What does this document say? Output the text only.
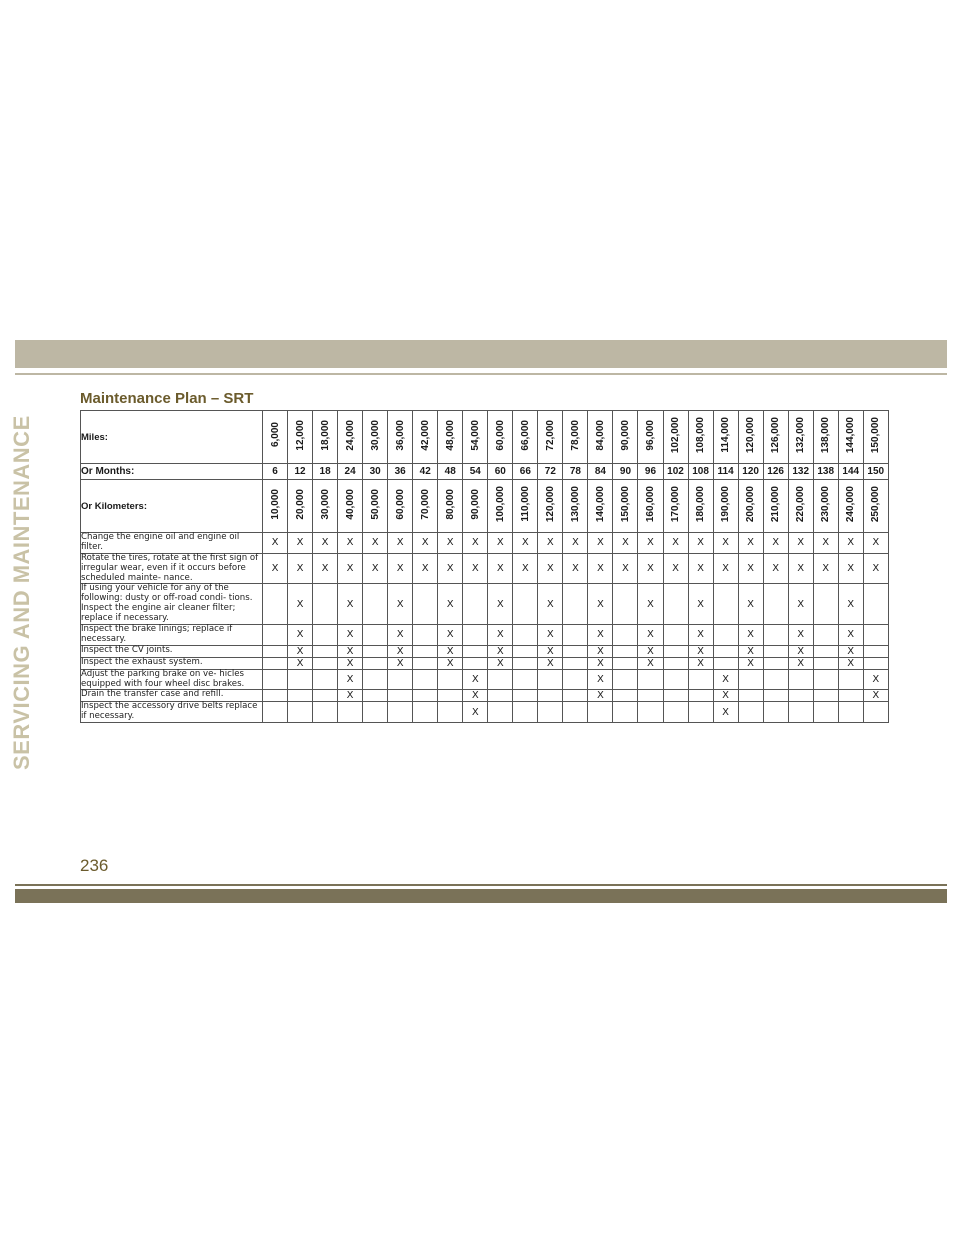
SERVICING AND MAINTENANCE
Maintenance Plan – SRT
Miles:	6,000	12,000	18,000	24,000	30,000	36,000	42,000	48,000	54,000	60,000	66,000	72,000	78,000	84,000	90,000	96,000	102,000	108,000	114,000	120,000	126,000	132,000	138,000	144,000	150,000
Or Months:	6	12	18	24	30	36	42	48	54	60	66	72	78	84	90	96	102	108	114	120	126	132	138	144	150
Or Kilometers:	10,000	20,000	30,000	40,000	50,000	60,000	70,000	80,000	90,000	100,000	110,000	120,000	130,000	140,000	150,000	160,000	170,000	180,000	190,000	200,000	210,000	220,000	230,000	240,000	250,000
Change the engine oil and engine oil filter.	X	X	X	X	X	X	X	X	X	X	X	X	X	X	X	X	X	X	X	X	X	X	X	X	X
Rotate the tires, rotate at the first sign of irregular wear, even if it occurs before scheduled mainte- nance.	X	X	X	X	X	X	X	X	X	X	X	X	X	X	X	X	X	X	X	X	X	X	X	X	X
If using your vehicle for any of the following: dusty or off-road condi- tions. Inspect the engine air cleaner filter; replace if necessary.		X		X		X		X		X		X		X		X		X		X		X		X	
Inspect the brake linings; replace if necessary.		X		X		X		X		X		X		X		X		X		X		X		X	
Inspect the CV joints.		X		X		X		X		X		X		X		X		X		X		X		X	
Inspect the exhaust system.		X		X		X		X		X		X		X		X		X		X		X		X	
Adjust the parking brake on ve- hicles equipped with four wheel disc brakes.				X					X					X					X						X
Drain the transfer case and refill.				X					X					X					X						X
Inspect the accessory drive belts replace if necessary.									X										X						
236
